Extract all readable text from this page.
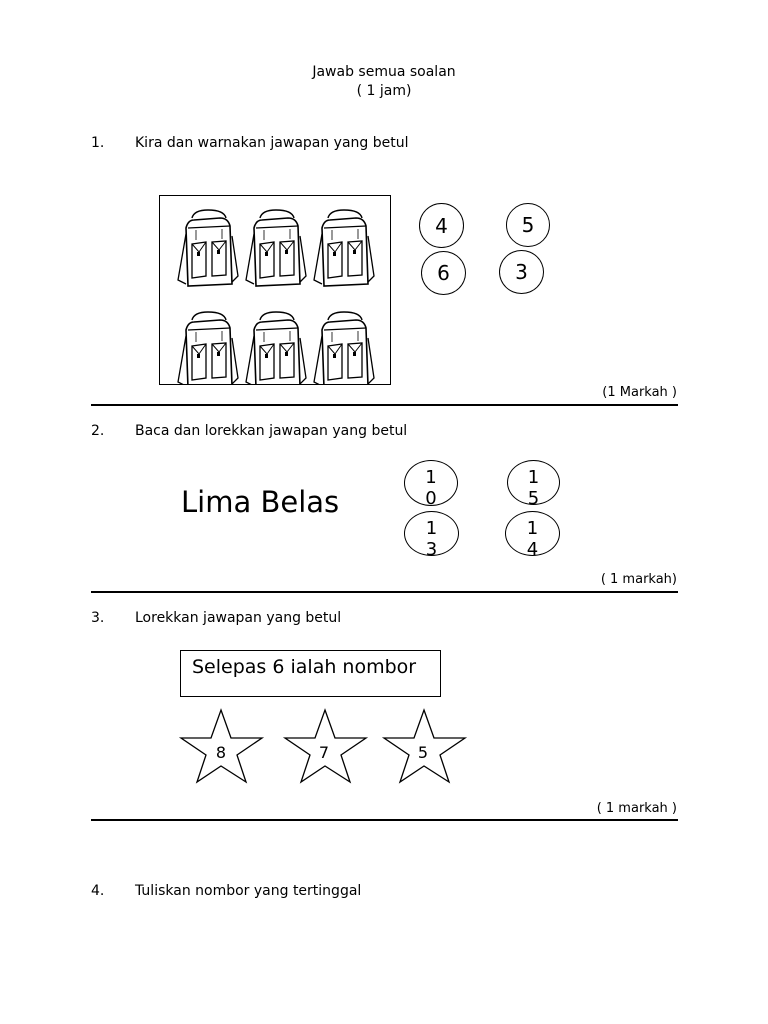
Jawab semua soalan
( 1 jam)
1. Kira dan warnakan jawapan yang betul
4	5
6	3
(1 Markah )
2. Baca dan lorekkan jawapan yang betul
Lima Belas
1
0
1
5
1
3
1
4
( 1 markah)
3. Lorekkan jawapan yang betul
Selepas 6 ialah nombor
8	7	5
( 1 markah )
4. Tuliskan nombor yang tertinggal
